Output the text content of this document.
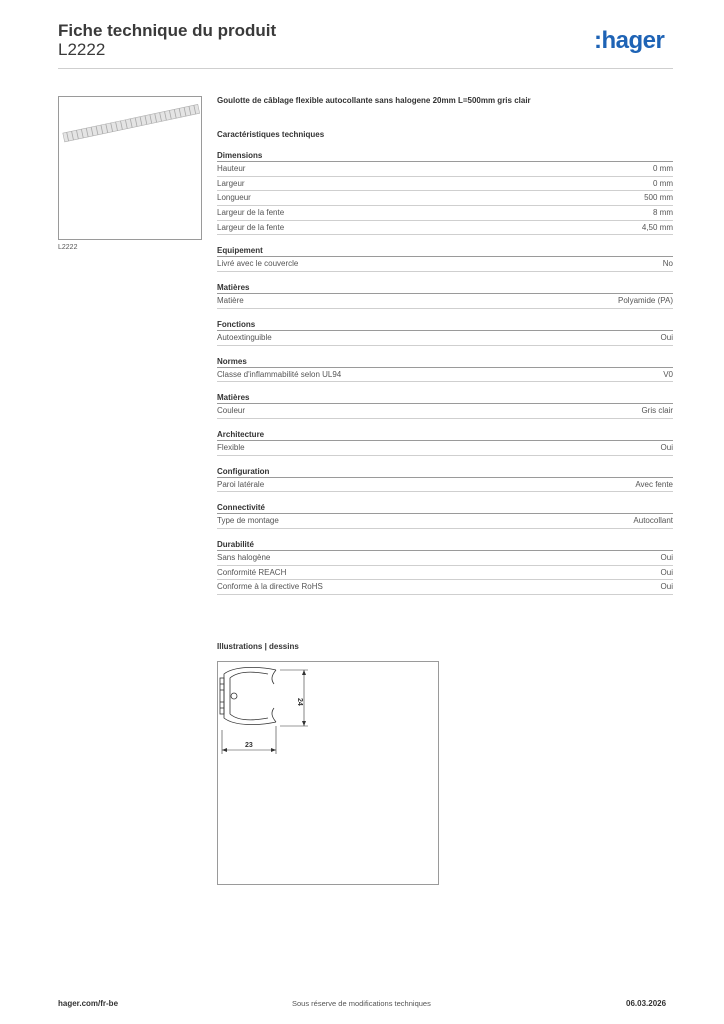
Fiche technique du produit
L2222	:hager
L2222
Goulotte de câblage flexible autocollante sans halogene 20mm L=500mm gris clair
Caractéristiques techniques
Dimensions
Hauteur	0 mm
Largeur	0 mm
Longueur	500 mm
Largeur de la fente	8 mm
Largeur de la fente	4,50 mm
Equipement
Livré avec le couvercle	No
Matières
Matière	Polyamide (PA)
Fonctions
Autoextinguible	Oui
Normes
Classe d'inflammabilité selon UL94	V0
Matières
Couleur	Gris clair
Architecture
Flexible	Oui
Configuration
Paroi latérale	Avec fente
Connectivité
Type de montage	Autocollant
Durabilité
Sans halogène	Oui
Conformité REACH	Oui
Conforme à la directive RoHS	Oui
Illustrations | dessins
24
23
hager.com/fr-be	Sous réserve de modifications techniques	06.03.2026
